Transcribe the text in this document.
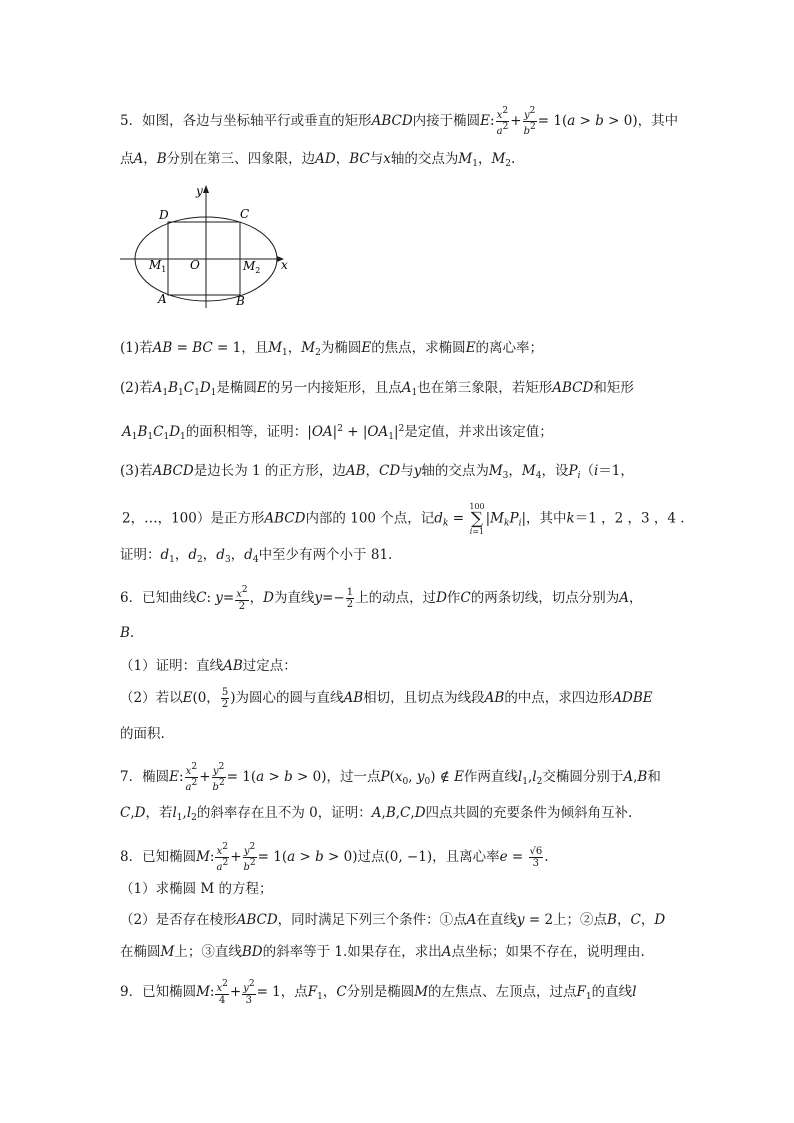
5．如图，各边与坐标轴平行或垂直的矩形ABCD内接于椭圆E: $\frac{x^2}{a^2} + \frac{y^2}{b^2} = 1(a > b > 0)$，其中
点A，B分别在第三、四象限，边AD，BC与x轴的交点为$M_1$，$M_2$.
y
x
D	C
$M_1$ O	$M_2$
A	B
(1)若AB = BC = 1，且$M_1$，$M_2$为椭圆E的焦点，求椭圆E的离心率；
(2)若$A_1B_1C_1D_1$是椭圆E的另一内接矩形，且点$A_1$也在第三象限，若矩形ABCD和矩形
$A_1B_1C_1D_1$的面积相等，证明：$|OA|^2 + |OA_1|^2$是定值，并求出该定值；
(3)若ABCD是边长为 1 的正方形，边AB，CD与y轴的交点为$M_3$，$M_4$，设$P_i(i=1$，
2，…，100）是正方形ABCD内部的 100 个点，记$d_k = 100$
∑
$i=1|M_kP_i|$，其中k＝1 ，2 ，3 ，4 .
证明：$d_1$，$d_2$，$d_3$，$d_4$中至少有两个小于 81.
6．已知曲线C: $y= \frac{x^2}{2}$ ，D为直线$y=- \frac{1}{2}$ 上的动点，过D作C的两条切线，切点分别为A，
B.
（1）证明：直线AB过定点：
（2）若以E(0， $\frac{5}{2}$ )为圆心的圆与直线AB相切，且切点为线段AB的中点，求四边形ADBE
的面积.
7．椭圆E: $\frac{x^2}{a^2} + \frac{y^2}{b^2} = 1(a > b > 0)$，过一点$P(x_0$, $y_0$) ∉ E作两直线$l_1,l_2$交椭圆分别于A,B和
C,D，若$l_1,l_2$的斜率存在且不为 0，证明：A,B,C,D四点共圆的充要条件为倾斜角互补.
8．已知椭圆M: $\frac{x^2}{a^2} + \frac{y^2}{b^2} = 1(a > b > 0)$过点(0, −1)，且离心率$e = \frac{√6}{3}$ .
（1）求椭圆 M 的方程；
（2）是否存在棱形ABCD，同时满足下列三个条件：①点A在直线y = 2上；②点B，C，D
在椭圆M上；③直线BD的斜率等于 1.如果存在，求出A点坐标；如果不存在，说明理由.
9．已知椭圆M: $\frac{x^2}{4} + \frac{y^2}{3} = 1$，点$F_1$，C分别是椭圆M的左焦点、左顶点，过点$F_1$的直线l
